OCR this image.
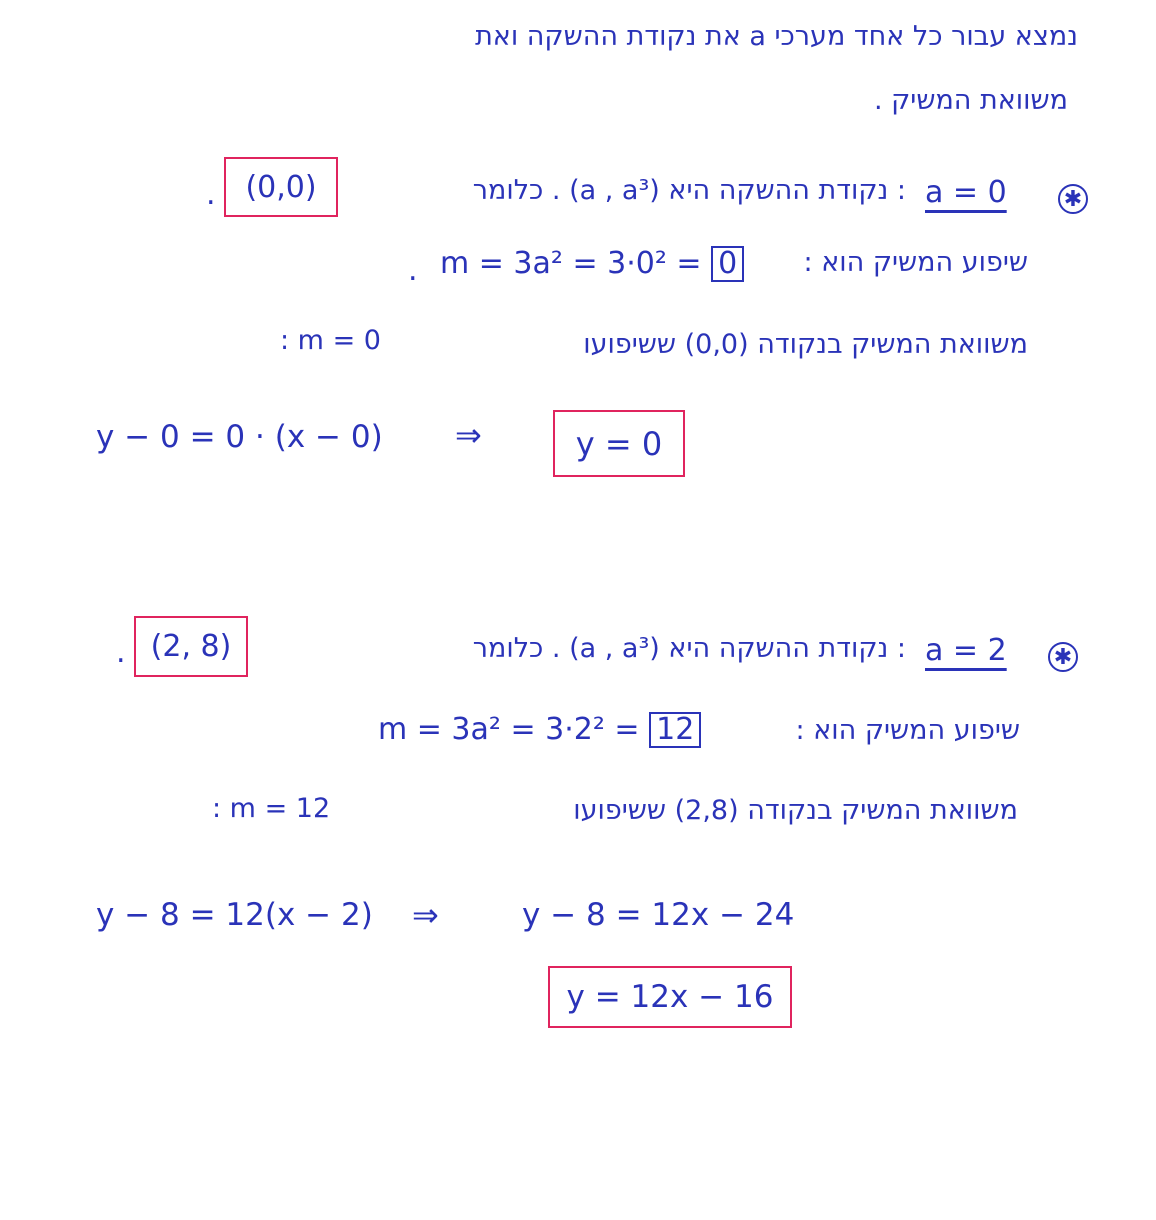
נמצא עבור כל אחד מערכי a את נקודת ההשקה ואת
משוואת המשיק .
✱
a = 0
: נקודת ההשקה היא (a , a³) . כלומר
(0,0)
.
שיפוע המשיק הוא :
m = 3a² = 3·0² = 0
.
משוואת המשיק בנקודה (0,0) ששיפועו
: m = 0
y − 0 = 0 · (x − 0) ⇒	y = 0
✱
a = 2
: נקודת ההשקה היא (a , a³) . כלומר
(2, 8)
.
שיפוע המשיק הוא :
m = 3a² = 3·2² = 12
משוואת המשיק בנקודה (2,8) ששיפועו
: m = 12
y − 8 = 12(x − 2) ⇒	y − 8 = 12x − 24
y = 12x − 16
